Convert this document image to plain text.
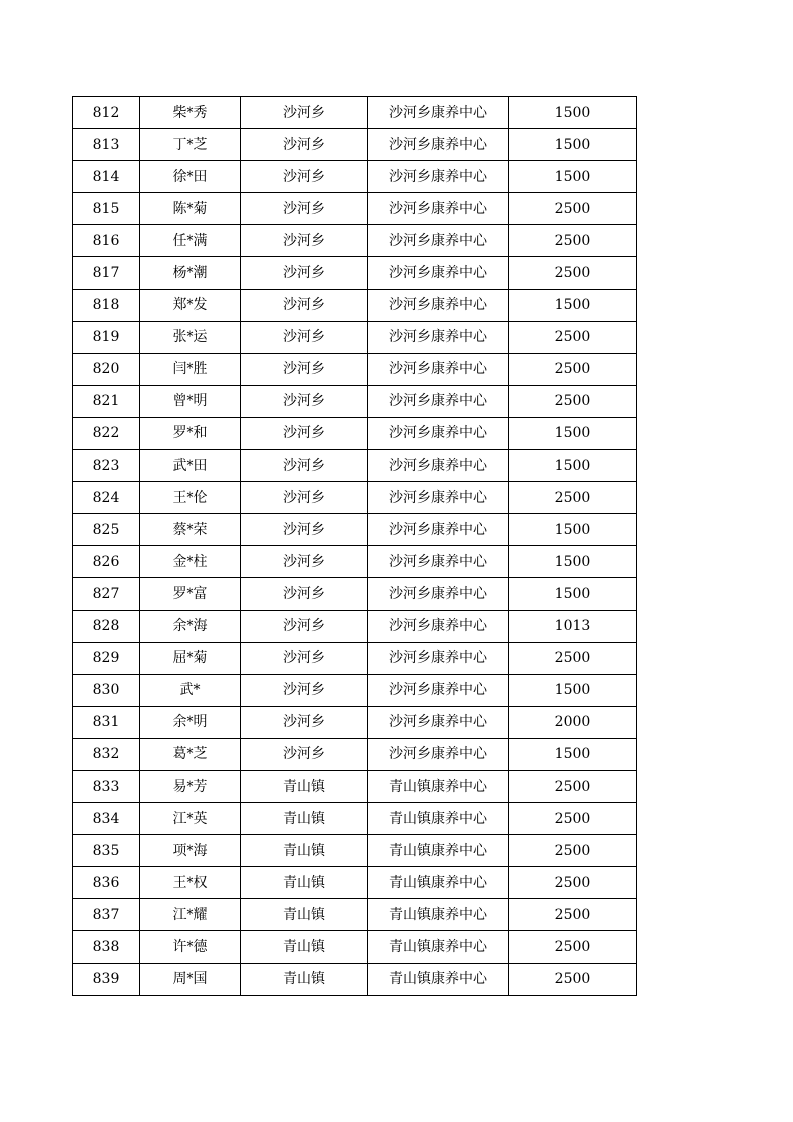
812	柴*秀	沙河乡	沙河乡康养中心	1500
813	丁*芝	沙河乡	沙河乡康养中心	1500
814	徐*田	沙河乡	沙河乡康养中心	1500
815	陈*菊	沙河乡	沙河乡康养中心	2500
816	任*满	沙河乡	沙河乡康养中心	2500
817	杨*潮	沙河乡	沙河乡康养中心	2500
818	郑*发	沙河乡	沙河乡康养中心	1500
819	张*运	沙河乡	沙河乡康养中心	2500
820	闫*胜	沙河乡	沙河乡康养中心	2500
821	曾*明	沙河乡	沙河乡康养中心	2500
822	罗*和	沙河乡	沙河乡康养中心	1500
823	武*田	沙河乡	沙河乡康养中心	1500
824	王*伦	沙河乡	沙河乡康养中心	2500
825	蔡*荣	沙河乡	沙河乡康养中心	1500
826	金*柱	沙河乡	沙河乡康养中心	1500
827	罗*富	沙河乡	沙河乡康养中心	1500
828	余*海	沙河乡	沙河乡康养中心	1013
829	屈*菊	沙河乡	沙河乡康养中心	2500
830	武*	沙河乡	沙河乡康养中心	1500
831	余*明	沙河乡	沙河乡康养中心	2000
832	葛*芝	沙河乡	沙河乡康养中心	1500
833	易*芳	青山镇	青山镇康养中心	2500
834	江*英	青山镇	青山镇康养中心	2500
835	项*海	青山镇	青山镇康养中心	2500
836	王*权	青山镇	青山镇康养中心	2500
837	江*耀	青山镇	青山镇康养中心	2500
838	许*德	青山镇	青山镇康养中心	2500
839	周*国	青山镇	青山镇康养中心	2500
